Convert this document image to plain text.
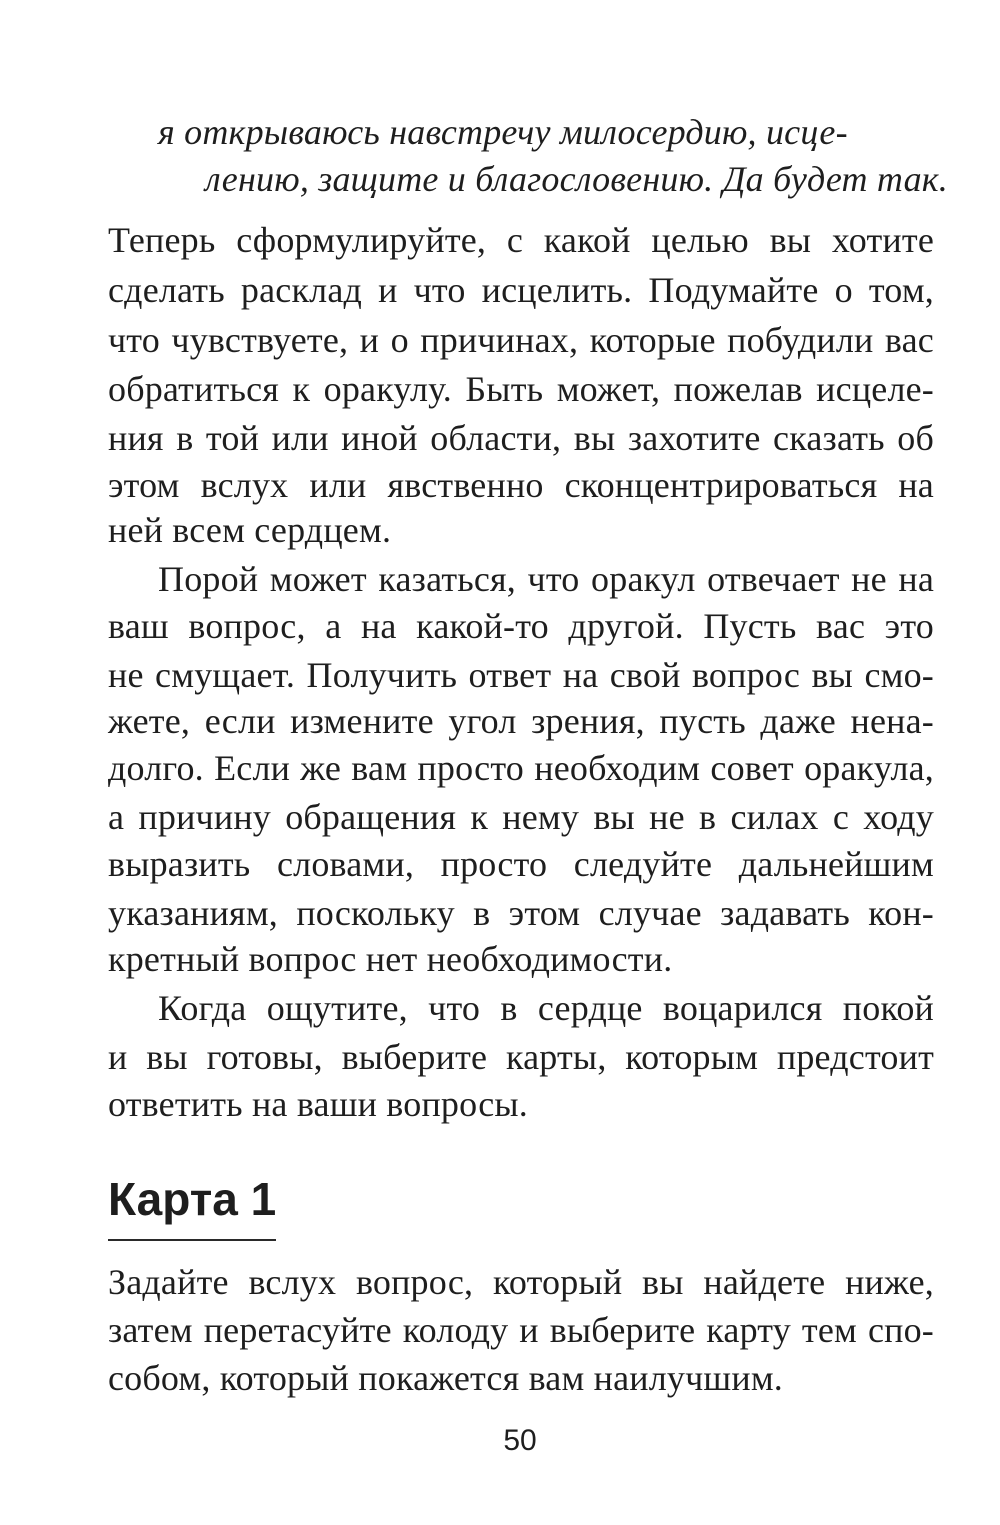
я открываюсь навстречу милосердию, исце-

лению, защите и благословению. Да будет так.

Теперь сформулируйте, с какой целью вы хотите

сделать расклад и что исцелить. Подумайте о том,

что чувствуете, и о причинах, которые побудили вас

обратиться к оракулу. Быть может, пожелав исцеле-

ния в той или иной области, вы захотите сказать об

этом вслух или явственно сконцентрироваться на

ней всем сердцем.

Порой может казаться, что оракул отвечает не на

ваш вопрос, а на какой-то другой. Пусть вас это

не смущает. Получить ответ на свой вопрос вы смо-

жете, если измените угол зрения, пусть даже нена-

долго. Если же вам просто необходим совет оракула,

а причину обращения к нему вы не в силах с ходу

выразить словами, просто следуйте дальнейшим

указаниям, поскольку в этом случае задавать кон-

кретный вопрос нет необходимости.

Когда ощутите, что в сердце воцарился покой

и вы готовы, выберите карты, которым предстоит

ответить на ваши вопросы.

Карта 1

Задайте вслух вопрос, который вы найдете ниже,

затем перетасуйте колоду и выберите карту тем спо-

собом, который покажется вам наилучшим.

50
